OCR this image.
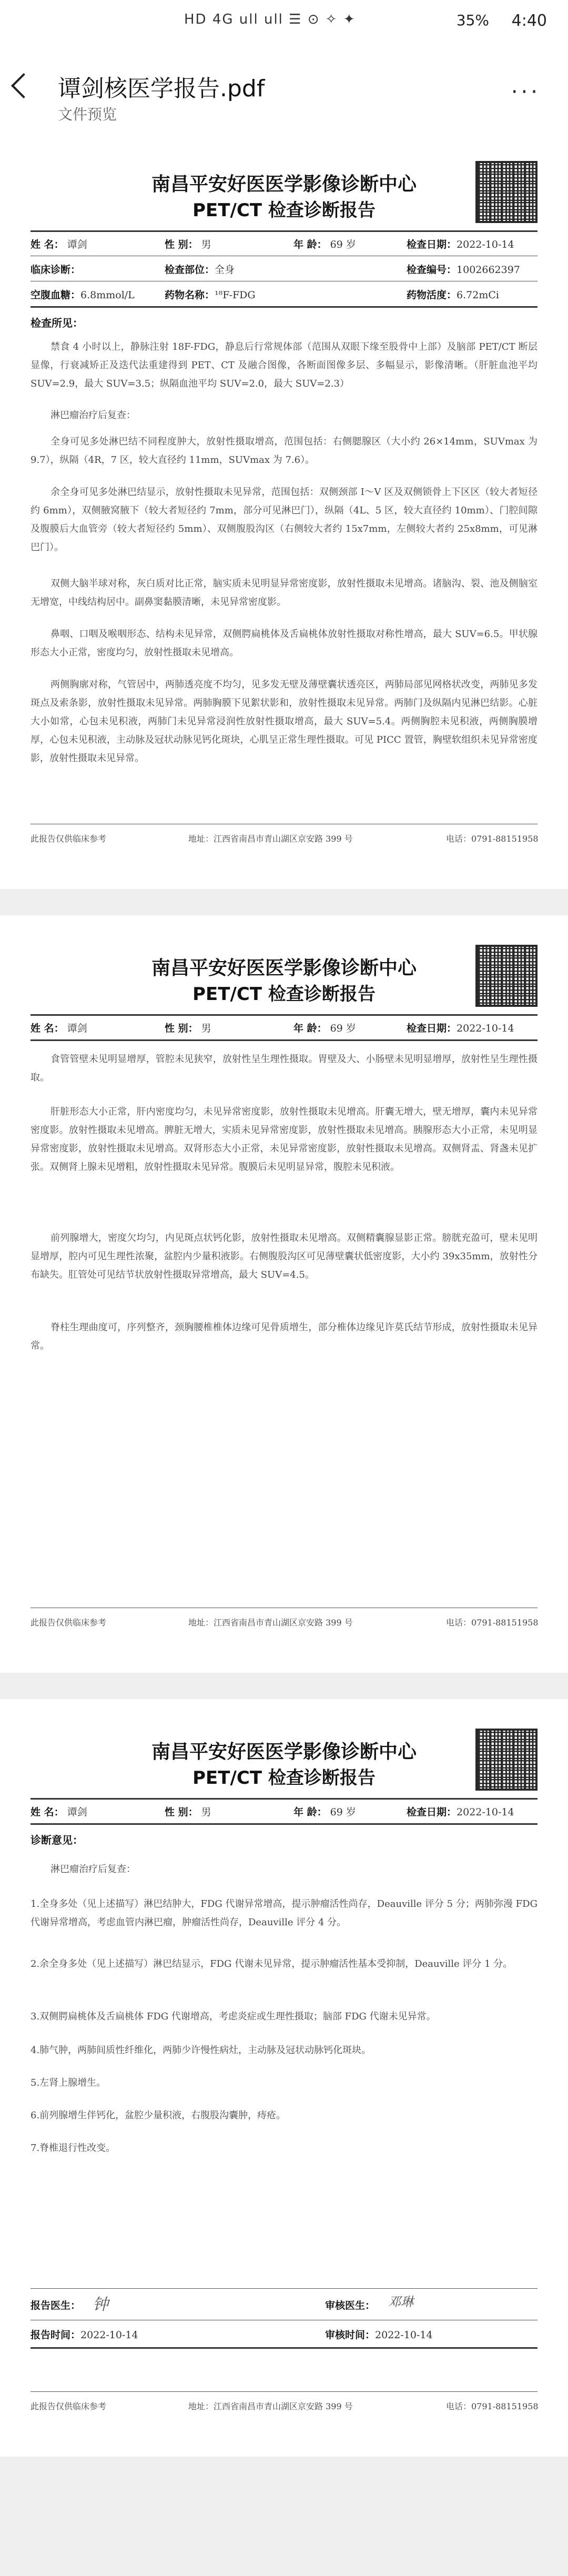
HD 4G ull ull ☰ ⊙ ✧ ✦	35% 4:40
谭剑核医学报告.pdf
文件预览
···
南昌平安好医医学影像诊断中心
PET/CT 检查诊断报告
姓 名： 谭剑	性 别： 男	年 龄： 69 岁	检查日期：2022-10-14
临床诊断：	检查部位：全身	检查编号：1002662397
空腹血糖：6.8mmol/L	药物名称：¹⁸F-FDG	药物活度：6.72mCi
检查所见：
禁食 4 小时以上，静脉注射 18F-FDG，静息后行常规体部（范围从双眼下缘至股骨中上部）及脑部 PET/CT 断层显像，行衰减矫正及迭代法重建得到 PET、CT 及融合图像，各断面图像多层、多幅显示，影像清晰。（肝脏血池平均 SUV=2.9，最大 SUV=3.5；纵隔血池平均 SUV=2.0，最大 SUV=2.3）
淋巴瘤治疗后复查：
全身可见多处淋巴结不同程度肿大，放射性摄取增高，范围包括：右侧腮腺区（大小约 26×14mm，SUVmax 为 9.7），纵隔（4R，7 区，较大直径约 11mm，SUVmax 为 7.6）。
余全身可见多处淋巴结显示，放射性摄取未见异常，范围包括：双侧颈部 I～V 区及双侧锁骨上下区区（较大者短径约 6mm），双侧腋窝腋下（较大者短径约 7mm，部分可见淋巴门），纵隔（4L、5 区，较大直径约 10mm）、门腔间隙及腹膜后大血管旁（较大者短径约 5mm）、双侧腹股沟区（右侧较大者约 15x7mm，左侧较大者约 25x8mm，可见淋巴门）。
双侧大脑半球对称，灰白质对比正常，脑实质未见明显异常密度影，放射性摄取未见增高。诸脑沟、裂、池及侧脑室无增宽，中线结构居中。副鼻窦黏膜清晰，未见异常密度影。
鼻咽、口咽及喉咽形态、结构未见异常，双侧腭扁桃体及舌扁桃体放射性摄取对称性增高，最大 SUV=6.5。甲状腺形态大小正常，密度均匀，放射性摄取未见增高。
两侧胸廓对称，气管居中，两肺透亮度不均匀，见多发无壁及薄壁囊状透亮区，两肺局部见网格状改变，两肺见多发斑点及索条影，放射性摄取未见异常。两肺胸膜下见絮状影和，放射性摄取未见异常。两肺门及纵隔内见淋巴结影。心脏大小如常，心包未见积液，两肺门未见异常浸润性放射性摄取增高，最大 SUV=5.4。两侧胸腔未见积液，两侧胸膜增厚，心包未见积液，主动脉及冠状动脉见钙化斑块，心肌呈正常生理性摄取。可见 PICC 置管，胸壁软组织未见异常密度影，放射性摄取未见异常。
此报告仅供临床参考	地址：江西省南昌市青山湖区京安路 399 号	电话：0791-88151958
南昌平安好医医学影像诊断中心
PET/CT 检查诊断报告
姓 名： 谭剑	性 别： 男	年 龄： 69 岁	检查日期：2022-10-14
食管管壁未见明显增厚，管腔未见狭窄，放射性呈生理性摄取。胃壁及大、小肠壁未见明显增厚，放射性呈生理性摄取。
肝脏形态大小正常，肝内密度均匀，未见异常密度影，放射性摄取未见增高。肝囊无增大，壁无增厚，囊内未见异常密度影。放射性摄取未见增高。脾脏无增大，实质未见异常密度影，放射性摄取未见增高。胰腺形态大小正常，未见明显异常密度影，放射性摄取未见增高。双肾形态大小正常，未见异常密度影，放射性摄取未见增高。双侧肾盂、肾盏未见扩张。双侧肾上腺未见增粗，放射性摄取未见异常。腹膜后未见明显异常，腹腔未见积液。
前列腺增大，密度欠均匀，内见斑点状钙化影，放射性摄取未见增高。双侧精囊腺显影正常。膀胱充盈可，壁未见明显增厚，腔内可见生理性浓聚，盆腔内少量积液影。右侧腹股沟区可见薄壁囊状低密度影，大小约 39x35mm，放射性分布缺失。肛管处可见结节状放射性摄取异常增高，最大 SUV=4.5。
脊柱生理曲度可，序列整齐，颈胸腰椎椎体边缘可见骨质增生，部分椎体边缘见许莫氏结节形成，放射性摄取未见异常。
此报告仅供临床参考	地址：江西省南昌市青山湖区京安路 399 号	电话：0791-88151958
南昌平安好医医学影像诊断中心
PET/CT 检查诊断报告
姓 名： 谭剑	性 别： 男	年 龄： 69 岁	检查日期：2022-10-14
诊断意见：
淋巴瘤治疗后复查：
1.全身多处（见上述描写）淋巴结肿大，FDG 代谢异常增高，提示肿瘤活性尚存，Deauville 评分 5 分；两肺弥漫 FDG 代谢异常增高，考虑血管内淋巴瘤，肿瘤活性尚存，Deauville 评分 4 分。
2.余全身多处（见上述描写）淋巴结显示，FDG 代谢未见异常，提示肿瘤活性基本受抑制，Deauville 评分 1 分。
3.双侧腭扁桃体及舌扁桃体 FDG 代谢增高，考虑炎症或生理性摄取；脑部 FDG 代谢未见异常。
4.肺气肿，两肺间质性纤维化，两肺少许慢性病灶，主动脉及冠状动脉钙化斑块。
5.左肾上腺增生。
6.前列腺增生伴钙化，盆腔少量积液，右腹股沟囊肿，痔疮。
7.脊椎退行性改变。
报告医生： 钟	审核医生： 邓琳
报告时间：2022-10-14	审核时间：2022-10-14
此报告仅供临床参考	地址：江西省南昌市青山湖区京安路 399 号	电话：0791-88151958
